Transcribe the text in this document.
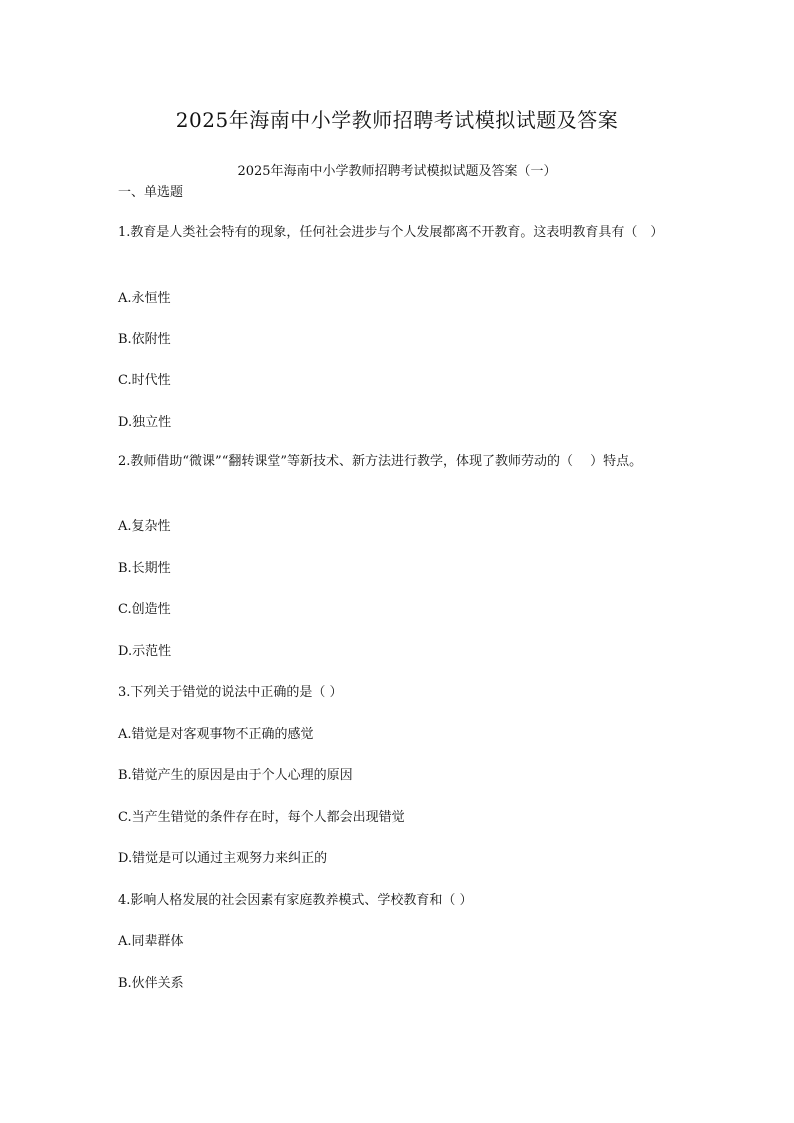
2025年海南中小学教师招聘考试模拟试题及答案
2025年海南中小学教师招聘考试模拟试题及答案（一）
一、单选题
1.教育是人类社会特有的现象，任何社会进步与个人发展都离不开教育。这表明教育具有（　）
A.永恒性
B.依附性
C.时代性
D.独立性
2.教师借助“微课”“翻转课堂”等新技术、新方法进行教学，体现了教师劳动的（　 ）特点。
A.复杂性
B.长期性
C.创造性
D.示范性
3.下列关于错觉的说法中正确的是（ ）
A.错觉是对客观事物不正确的感觉
B.错觉产生的原因是由于个人心理的原因
C.当产生错觉的条件存在时，每个人都会出现错觉
D.错觉是可以通过主观努力来纠正的
4.影响人格发展的社会因素有家庭教养模式、学校教育和（ ）
A.同辈群体
B.伙伴关系
